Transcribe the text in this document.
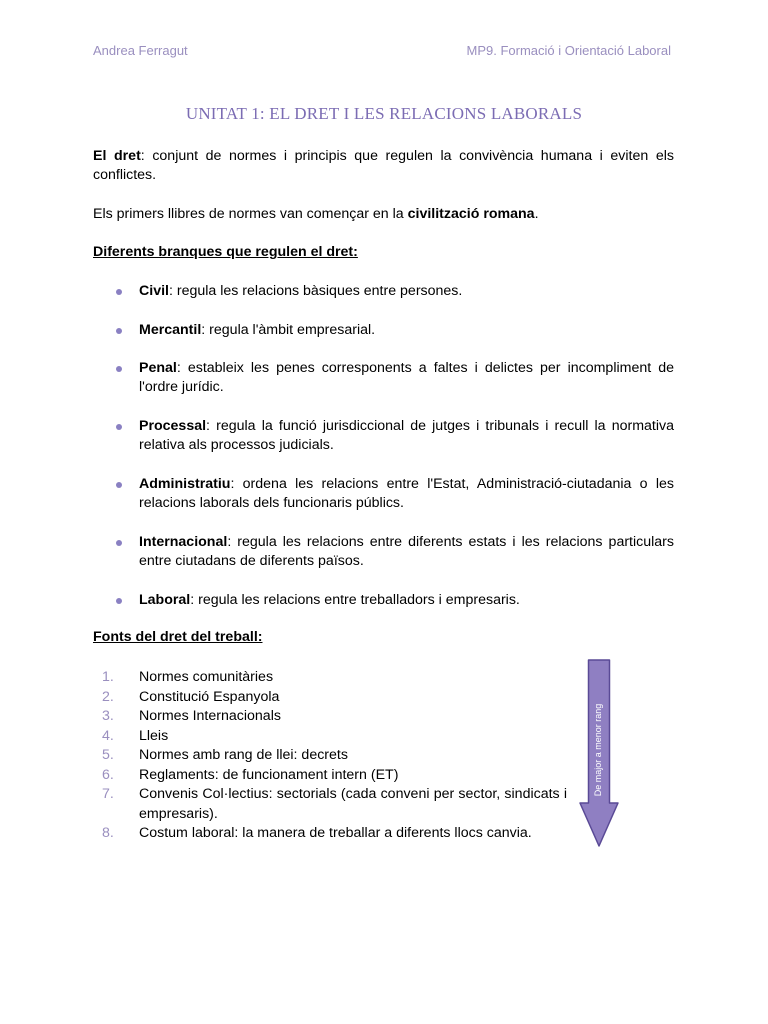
Andrea Ferragut	MP9. Formació i Orientació Laboral
UNITAT 1: EL DRET I LES RELACIONS LABORALS
El dret: conjunt de normes i principis que regulen la convivència humana i eviten els conflictes.
Els primers llibres de normes van començar en la civilització romana.
Diferents branques que regulen el dret:
Civil: regula les relacions bàsiques entre persones.
Mercantil: regula l'àmbit empresarial.
Penal: estableix les penes corresponents a faltes i delictes per incompliment de l'ordre jurídic.
Processal: regula la funció jurisdiccional de jutges i tribunals i recull la normativa relativa als processos judicials.
Administratiu: ordena les relacions entre l'Estat, Administració-ciutadania o les relacions laborals dels funcionaris públics.
Internacional: regula les relacions entre diferents estats i les relacions particulars entre ciutadans de diferents països.
Laboral: regula les relacions entre treballadors i empresaris.
Fonts del dret del treball:
1.	Normes comunitàries
2.	Constitució Espanyola
3.	Normes Internacionals
4.	Lleis
5.	Normes amb rang de llei: decrets
6.	Reglaments: de funcionament intern (ET)
7.	Convenis Col·lectius: sectorials (cada conveni per sector, sindicats i empresaris).
8.	Costum laboral: la manera de treballar a diferents llocs canvia.
De major a menor rang
